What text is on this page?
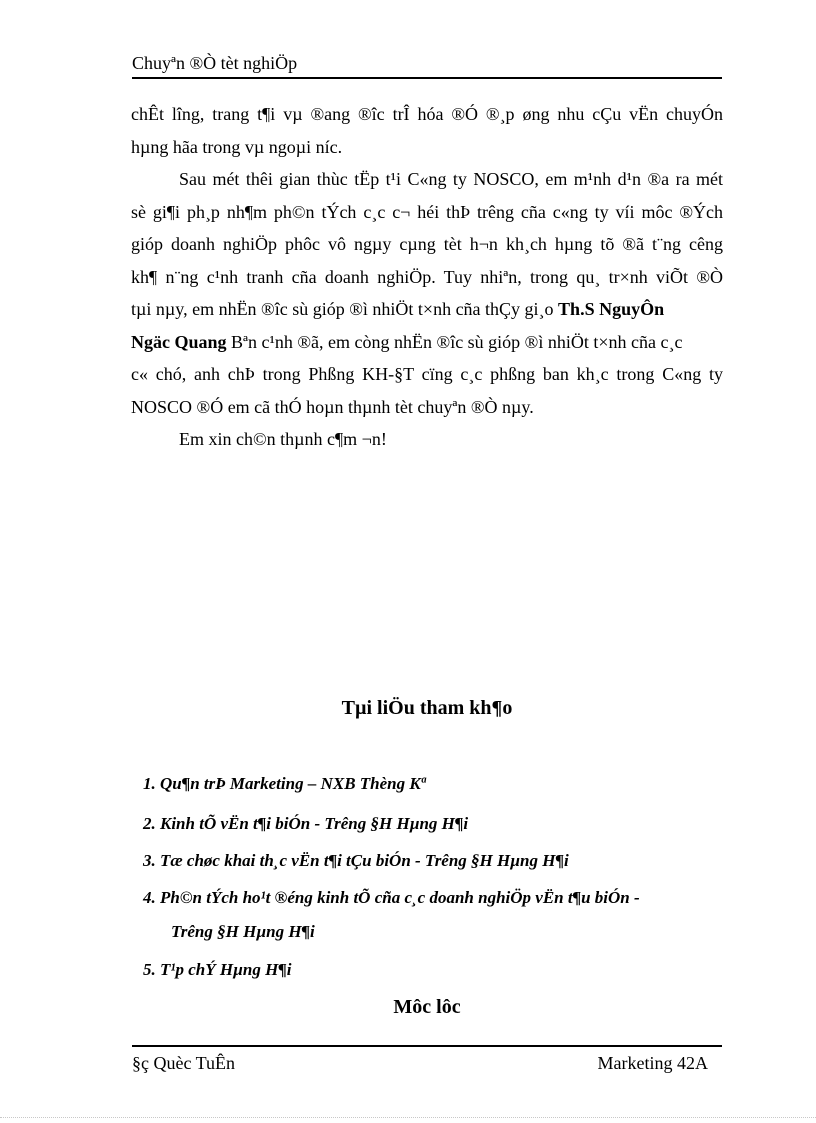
Chuyªn ®Ò tèt nghiÖp
chÊt lîng, trang t¶i vµ ®ang ®îc trÎ hóa ®Ó ®¸p øng nhu cÇu vËn chuyÓn
hµng hãa trong vµ ngoµi níc.
Sau mét thêi gian thùc tËp t¹i C«ng ty NOSCO, em m¹nh d¹n ®a ra mét
sè gi¶i ph¸p nh¶m ph©n tÝch c¸c c¬ héi thÞ trêng cña c«ng ty víi môc ®Ých
gióp doanh nghiÖp phôc vô ngµy cµng tèt h¬n kh¸ch hµng tõ ®ã t¨ng cêng
kh¶ n¨ng c¹nh tranh cña doanh nghiÖp. Tuy nhiªn, trong qu¸ tr×nh viÕt ®Ò
tµi nµy, em nhËn ®îc sù gióp ®ì nhiÖt t×nh cña thÇy gi¸o Th.S NguyÔn
Ngäc Quang Bªn c¹nh ®ã, em còng nhËn ®îc sù gióp ®ì nhiÖt t×nh cña c¸c
c« chó, anh chÞ trong Phßng KH-§T cïng c¸c phßng ban kh¸c trong C«ng ty
NOSCO ®Ó em cã thÓ hoµn thµnh tèt chuyªn ®Ò nµy.
Em xin ch©n thµnh c¶m ¬n!
Tµi liÖu tham kh¶o
1. Qu¶n trÞ Marketing – NXB Thèng Kª
2. Kinh tÕ vËn t¶i biÓn - Trêng §H Hµng H¶i
3. Tæ chøc khai th¸c vËn t¶i tÇu biÓn - Trêng §H Hµng H¶i
4. Ph©n tÝch ho¹t ®éng kinh tÕ cña c¸c doanh nghiÖp vËn t¶u biÓn -
Trêng §H Hµng H¶i
5. T¹p chÝ Hµng H¶i
Môc lôc
§ç Quèc TuÊn	Marketing 42A
